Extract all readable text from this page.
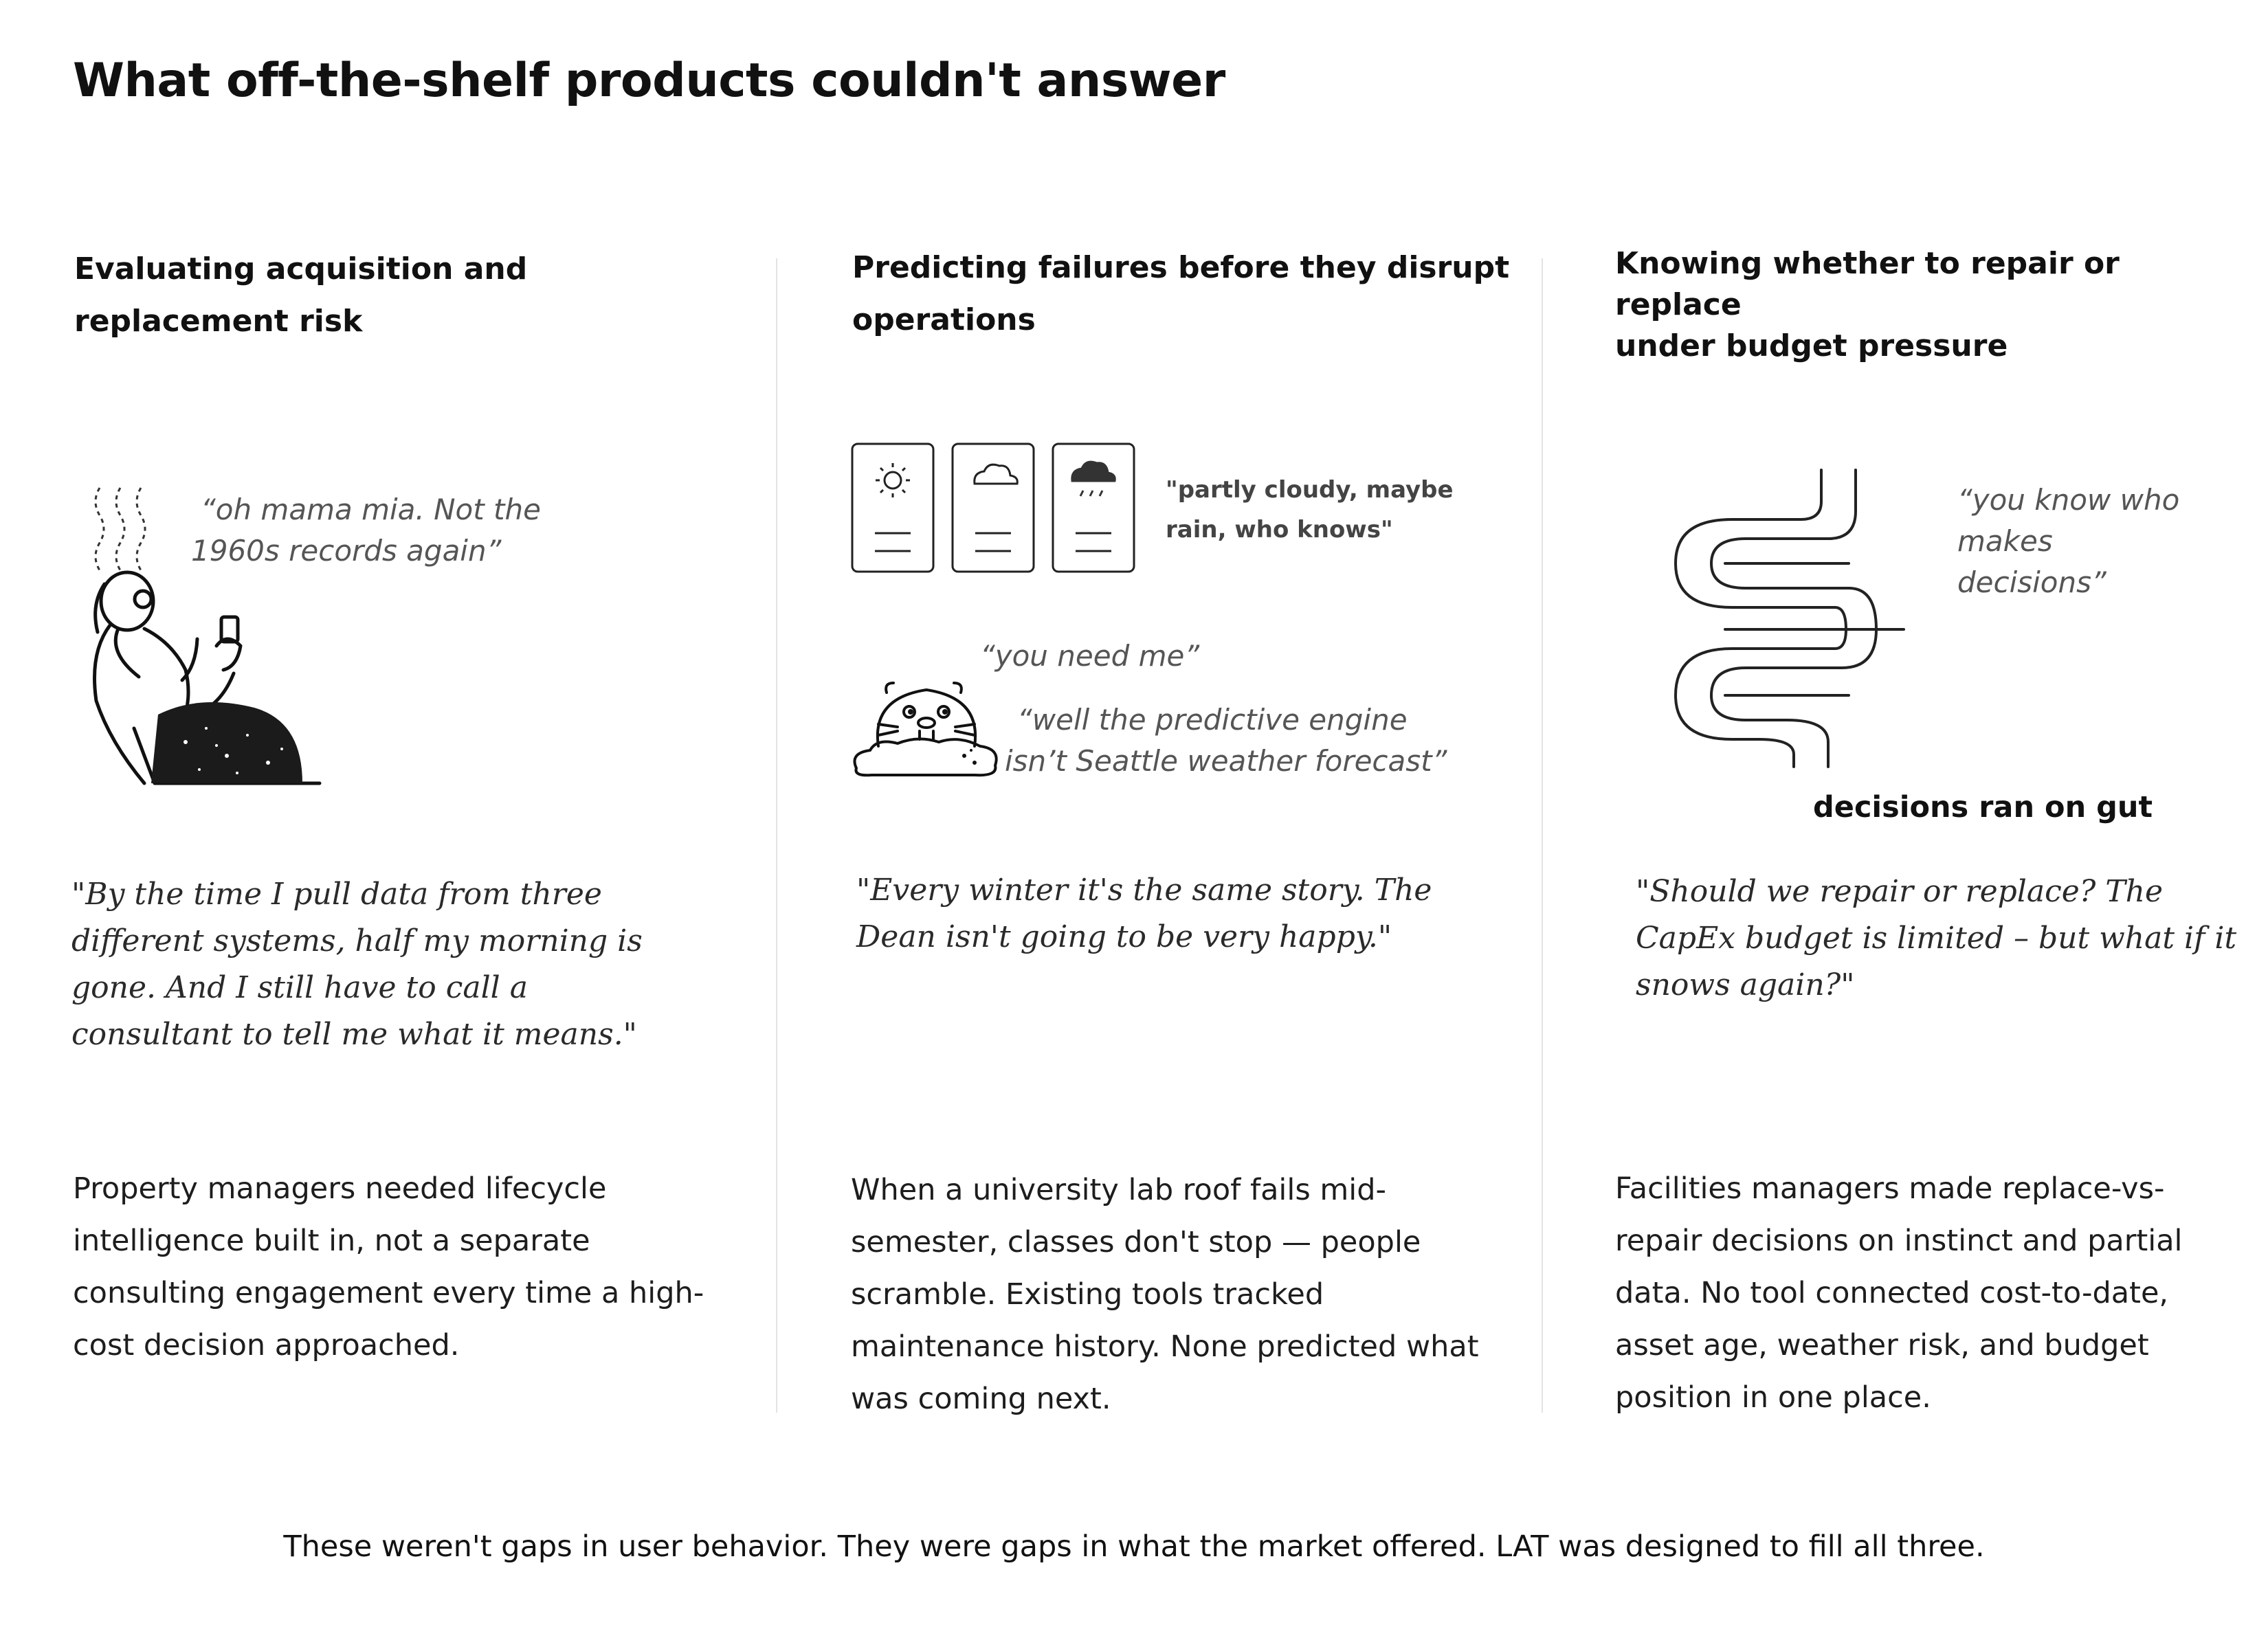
What off-the-shelf products couldn't answer
Evaluating acquisition and
replacement risk
“oh mama mia. Not the
1960s records again”
"By the time I pull data from three different systems, half my morning is gone. And I still have to call a consultant to tell me what it means."
Property managers needed lifecycle intelligence built in, not a separate consulting engagement every time a high-cost decision approached.
Predicting failures before they disrupt
operations
"partly cloudy, maybe
rain, who knows"
“you need me”
“well the predictive engine
isn’t Seattle weather forecast”
"Every winter it's the same story. The Dean isn't going to be very happy."
When a university lab roof fails mid-semester, classes don't stop — people scramble. Existing tools tracked maintenance history. None predicted what was coming next.
Knowing whether to repair or replace
under budget pressure
“you know who
makes
decisions”
decisions ran on gut
"Should we repair or replace? The CapEx budget is limited – but what if it snows again?"
Facilities managers made replace-vs-repair decisions on instinct and partial data. No tool connected cost-to-date, asset age, weather risk, and budget position in one place.
These weren't gaps in user behavior. They were gaps in what the market offered. LAT was designed to fill all three.
